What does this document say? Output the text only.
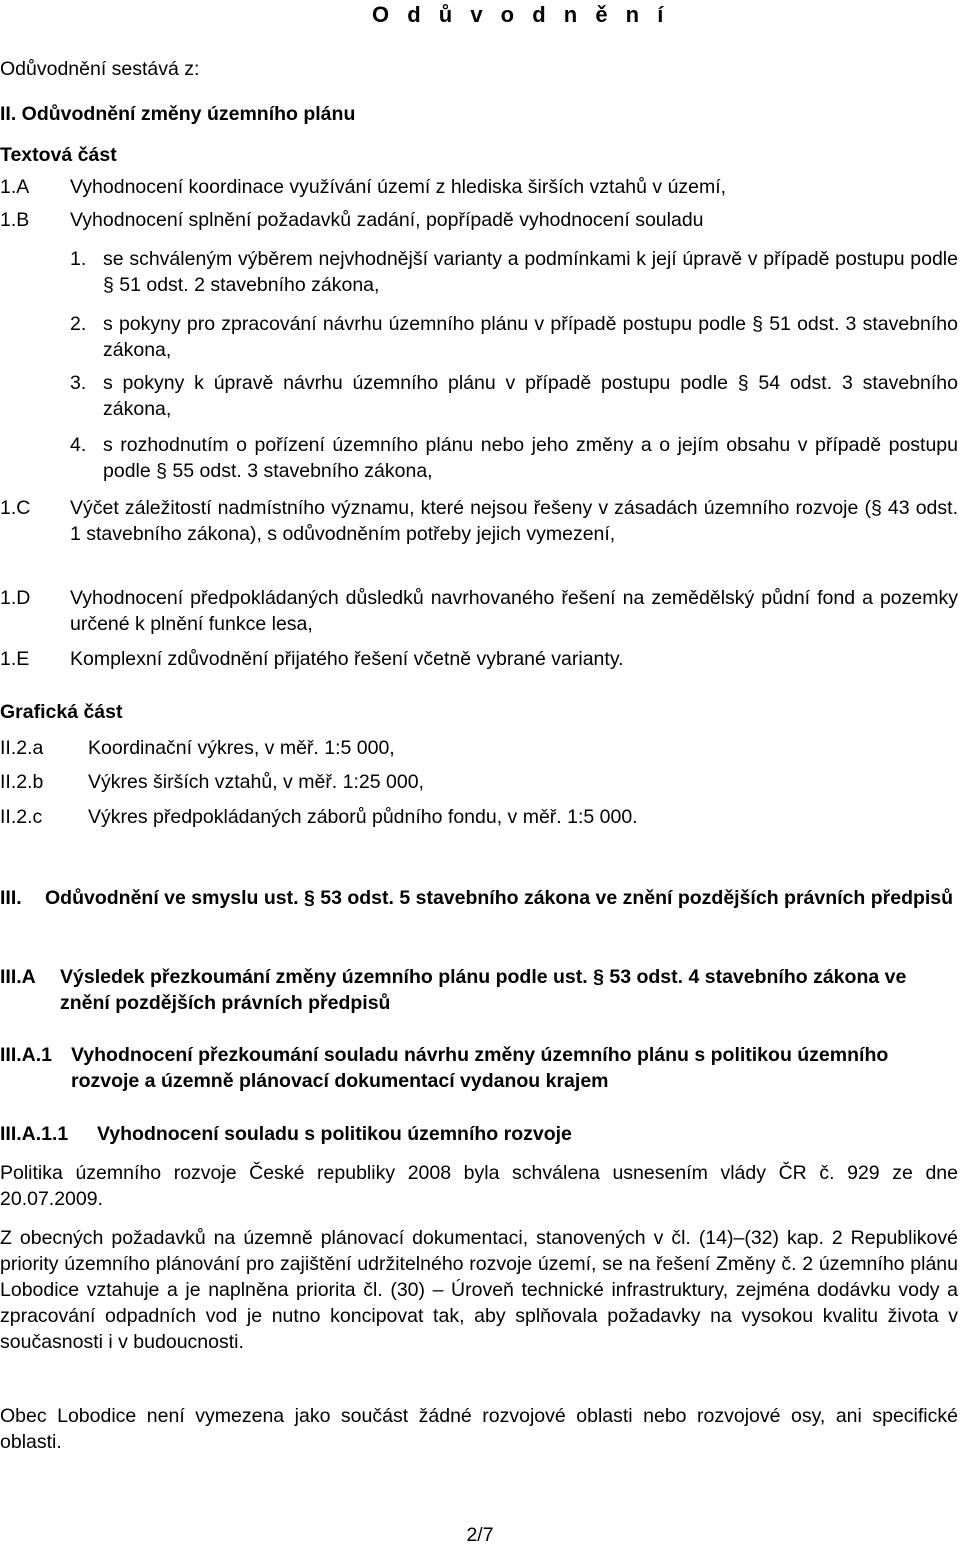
O d ů v o d n ě n í
Odůvodnění sestává z:
II. Odůvodnění změny územního plánu
Textová část
1.A Vyhodnocení koordinace využívání území z hlediska širších vztahů v území,
1.B Vyhodnocení splnění požadavků zadání, popřípadě vyhodnocení souladu
1. se schváleným výběrem nejvhodnější varianty a podmínkami k její úpravě v případě postupu podle § 51 odst. 2 stavebního zákona,
2. s pokyny pro zpracování návrhu územního plánu v případě postupu podle § 51 odst. 3 stavebního zákona,
3. s pokyny k úpravě návrhu územního plánu v případě postupu podle § 54 odst. 3 stavebního zákona,
4. s rozhodnutím o pořízení územního plánu nebo jeho změny a o jejím obsahu v případě postupu podle § 55 odst. 3 stavebního zákona,
1.C Výčet záležitostí nadmístního významu, které nejsou řešeny v zásadách územního rozvoje (§ 43 odst. 1 stavebního zákona), s odůvodněním potřeby jejich vymezení,
1.D Vyhodnocení předpokládaných důsledků navrhovaného řešení na zemědělský půdní fond a pozemky určené k plnění funkce lesa,
1.E Komplexní zdůvodnění přijatého řešení včetně vybrané varianty.
Grafická část
II.2.a Koordinační výkres, v měř. 1:5 000,
II.2.b Výkres širších vztahů, v měř. 1:25 000,
II.2.c Výkres předpokládaných záborů půdního fondu, v měř. 1:5 000.
III. Odůvodnění ve smyslu ust. § 53 odst. 5 stavebního zákona ve znění pozdějších právních předpisů
III.A Výsledek přezkoumání změny územního plánu podle ust. § 53 odst. 4 stavebního zákona ve znění pozdějších právních předpisů
III.A.1 Vyhodnocení přezkoumání souladu návrhu změny územního plánu s politikou územního rozvoje a územně plánovací dokumentací vydanou krajem
III.A.1.1 Vyhodnocení souladu s politikou územního rozvoje
Politika územního rozvoje České republiky 2008 byla schválena usnesením vlády ČR č. 929 ze dne 20.07.2009.
Z obecných požadavků na územně plánovací dokumentaci, stanovených v čl. (14)–(32) kap. 2 Republikové priority územního plánování pro zajištění udržitelného rozvoje území, se na řešení Změny č. 2 územního plánu Lobodice vztahuje a je naplněna priorita čl. (30) – Úroveň technické infrastruktury, zejména dodávku vody a zpracování odpadních vod je nutno koncipovat tak, aby splňovala požadavky na vysokou kvalitu života v současnosti i v budoucnosti.
Obec Lobodice není vymezena jako součást žádné rozvojové oblasti nebo rozvojové osy, ani specifické oblasti.
2/7
